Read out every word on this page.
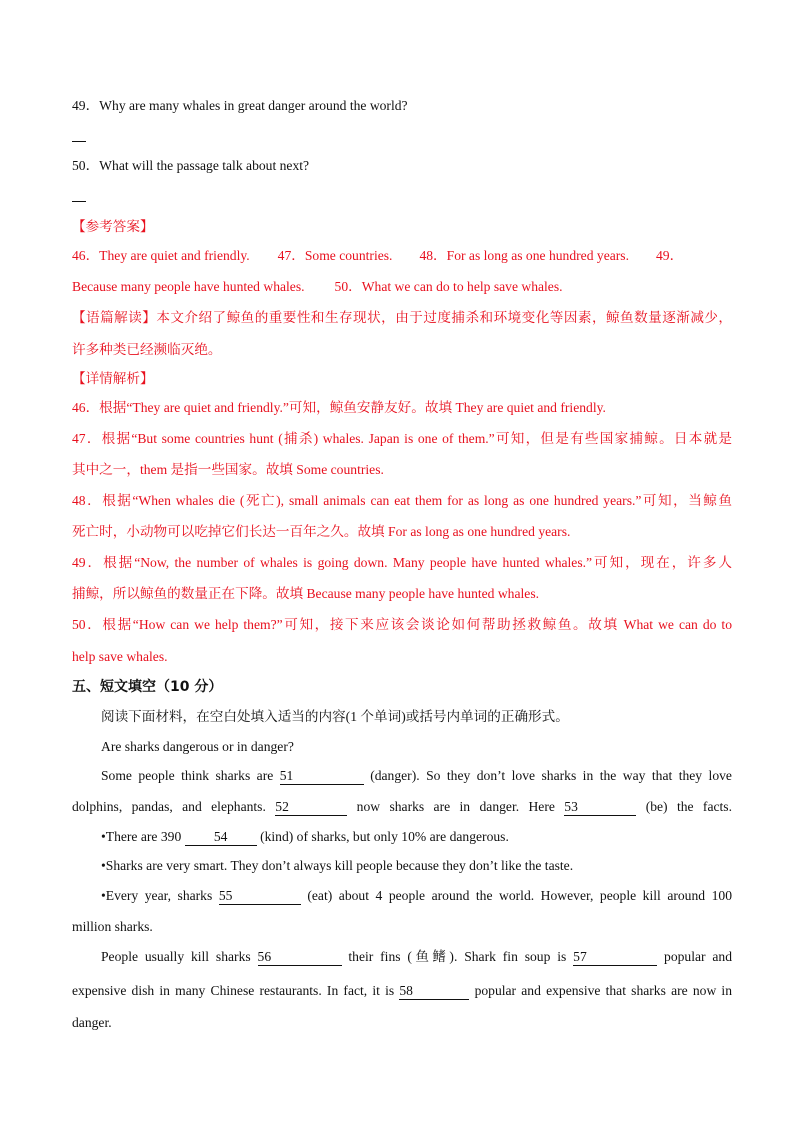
49．Why are many whales in great danger around the world?
50．What will the passage talk about next?
【参考答案】
46．They are quiet and friendly. 47．Some countries. 48．For as long as one hundred years. 49．
Because many people have hunted whales. 50．What we can do to help save whales.
【语篇解读】本文介绍了鲸鱼的重要性和生存现状，由于过度捕杀和环境变化等因素，鲸鱼数量逐渐减少，
许多种类已经濒临灭绝。
【详情解析】
46．根据“They are quiet and friendly.”可知，鲸鱼安静友好。故填 They are quiet and friendly.
47．根据“But some countries hunt (捕杀) whales. Japan is one of them.”可知，但是有些国家捕鲸。日本就是
其中之一，them 是指一些国家。故填 Some countries.
48．根据“When whales die (死亡), small animals can eat them for as long as one hundred years.”可知，当鲸鱼
死亡时，小动物可以吃掉它们长达一百年之久。故填 For as long as one hundred years.
49．根据“Now, the number of whales is going down. Many people have hunted whales.”可知，现在，许多人
捕鲸，所以鲸鱼的数量正在下降。故填 Because many people have hunted whales.
50．根据“How can we help them?”可知，接下来应该会谈论如何帮助拯救鲸鱼。故填 What we can do to
help save whales.
五、短文填空（10 分）
阅读下面材料，在空白处填入适当的内容(1 个单词)或括号内单词的正确形式。
Are sharks dangerous or in danger?
Some people think sharks are 51	(danger). So they don’t love sharks in the way that they love
dolphins, pandas, and elephants. 52	now sharks are in danger. Here 53	(be) the facts.
•There are 390 54 (kind) of sharks, but only 10% are dangerous.
•Sharks are very smart. They don’t always kill people because they don’t like the taste.
•Every year, sharks 55	(eat) about 4 people around the world. However, people kill around 100
million sharks.
People usually kill sharks 56	their fins (鱼鳍). Shark fin soup is 57	popular and
expensive dish in many Chinese restaurants. In fact, it is 58	popular and expensive that sharks are now in
danger.
